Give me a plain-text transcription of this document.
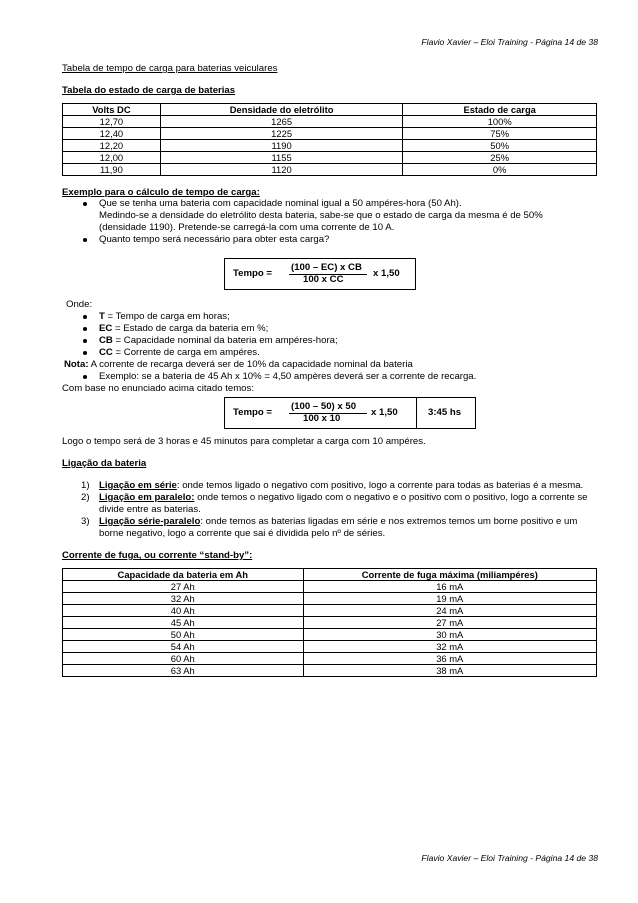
Flavio Xavier – Eloi Training - Página 14 de 38
Tabela de tempo de carga para baterias veiculares
Tabela do estado de carga de baterias
Volts DC	Densidade do eletrólito	Estado de carga
12,70	1265	100%
12,40	1225	75%
12,20	1190	50%
12,00	1155	25%
11,90	1120	0%
Exemplo para o cálculo de tempo de carga:
Que se tenha uma bateria com capacidade nominal igual a 50 ampéres-hora (50 Ah).
Medindo-se a densidade do eletrólito desta bateria, sabe-se que o estado de carga da mesma é de 50%
(densidade 1190). Pretende-se carregá-la com uma corrente de 10 A.
Quanto tempo será necessário para obter esta carga?
Tempo =
(100 – EC) x CB
100 x CC
x 1,50
Onde:
T = Tempo de carga em horas;
EC = Estado de carga da bateria em %;
CB = Capacidade nominal da bateria em ampéres-hora;
CC = Corrente de carga em ampéres.
Nota: A corrente de recarga deverá ser de 10% da capacidade nominal da bateria
Exemplo: se a bateria de 45 Ah x 10% = 4,50 ampères deverá ser a corrente de recarga.
Com base no enunciado acima citado temos:
Tempo =
(100 – 50) x 50
100 x 10
x 1,50	3:45 hs
Logo o tempo será de 3 horas e 45 minutos para completar a carga com 10 ampéres.
Ligação da bateria
1) Ligação em série: onde temos ligado o negativo com positivo, logo a corrente para todas as baterias é a mesma.
2) Ligação em paralelo: onde temos o negativo ligado com o negativo e o positivo com o positivo, logo a corrente se
divide entre as baterias.
3) Ligação série-paralelo: onde temos as baterias ligadas em série e nos extremos temos um borne positivo e um
borne negativo, logo a corrente que sai é dividida pelo nº de séries.
Corrente de fuga, ou corrente “stand-by”:
Capacidade da bateria em Ah	Corrente de fuga máxima (miliampéres)
27 Ah	16 mA
32 Ah	19 mA
40 Ah	24 mA
45 Ah	27 mA
50 Ah	30 mA
54 Ah	32 mA
60 Ah	36 mA
63 Ah	38 mA
Flavio Xavier – Eloi Training - Página 14 de 38
